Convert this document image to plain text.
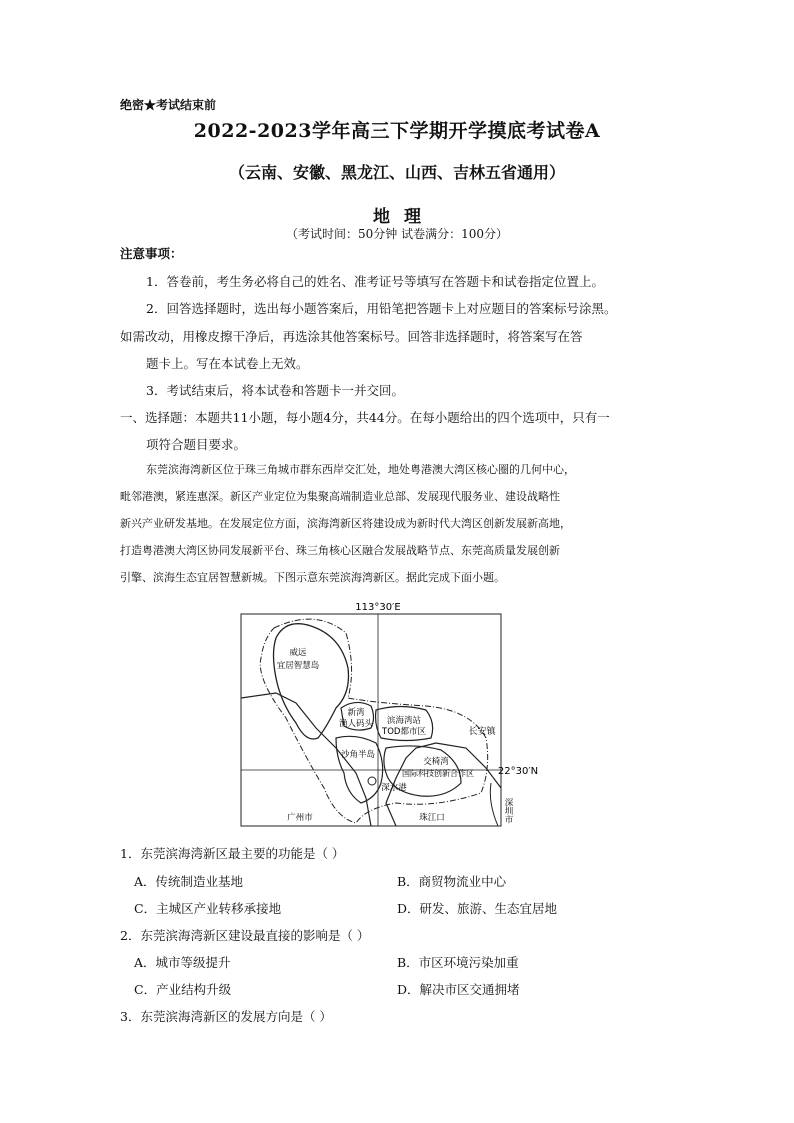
绝密★考试结束前
2022-2023学年高三下学期开学摸底考试卷A
（云南、安徽、黑龙江、山西、吉林五省通用）
地理
（考试时间：50分钟 试卷满分：100分）
注意事项：
1．答卷前，考生务必将自己的姓名、准考证号等填写在答题卡和试卷指定位置上。
2．回答选择题时，选出每小题答案后，用铅笔把答题卡上对应题目的答案标号涂黑。
如需改动，用橡皮擦干净后，再选涂其他答案标号。回答非选择题时，将答案写在答
题卡上。写在本试卷上无效。
3．考试结束后，将本试卷和答题卡一并交回。
一、选择题：本题共11小题，每小题4分，共44分。在每小题给出的四个选项中，只有一
项符合题目要求。
东莞滨海湾新区位于珠三角城市群东西岸交汇处，地处粤港澳大湾区核心圈的几何中心，
毗邻港澳，紧连惠深。新区产业定位为集聚高端制造业总部、发展现代服务业、建设战略性
新兴产业研发基地。在发展定位方面，滨海湾新区将建设成为新时代大湾区创新发展新高地，
打造粤港澳大湾区协同发展新平台、珠三角核心区融合发展战略节点、东莞高质量发展创新
引擎、滨海生态宜居智慧新城。下图示意东莞滨海湾新区。据此完成下面小题。
113°30′E
威远
宜居智慧岛
新湾
渔人码头 滨海湾站
TOD都市区	长安镇
沙角半岛
交椅湾
国际科技创新合作区
深水港
广州市	珠江口
22°30′N
深圳市
1．东莞滨海湾新区最主要的功能是（ ）
A．传统制造业基地	B．商贸物流业中心
C．主城区产业转移承接地	D．研发、旅游、生态宜居地
2．东莞滨海湾新区建设最直接的影响是（ ）
A．城市等级提升	B．市区环境污染加重
C．产业结构升级	D．解决市区交通拥堵
3．东莞滨海湾新区的发展方向是（ ）
